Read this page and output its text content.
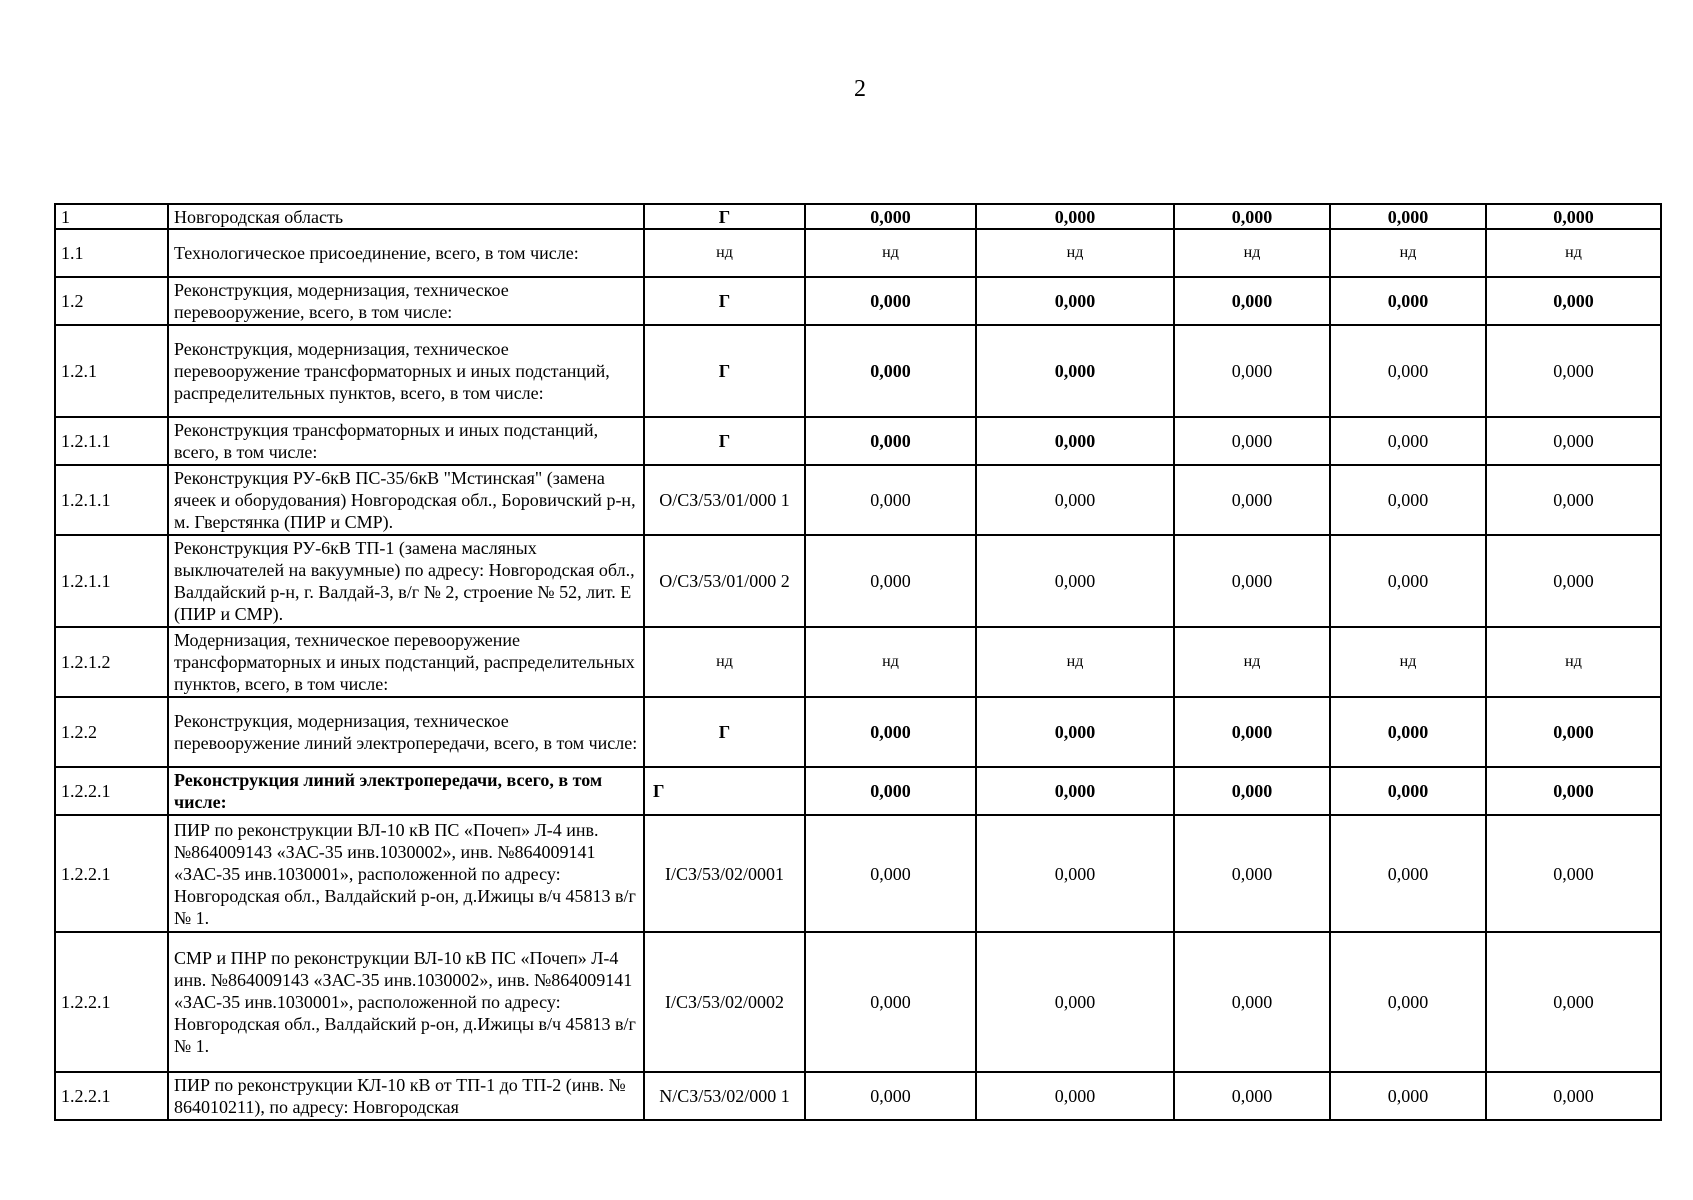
2
1	Новгородская область	Г	0,000	0,000	0,000	0,000	0,000
1.1	Технологическое присоединение, всего, в том числе:	нд	нд	нд	нд	нд	нд
1.2	Реконструкция, модернизация, техническое перевооружение, всего, в том числе:	Г	0,000	0,000	0,000	0,000	0,000
1.2.1	Реконструкция, модернизация, техническое перевооружение трансформаторных и иных подстанций, распределительных пунктов, всего, в том числе:	Г	0,000	0,000	0,000	0,000	0,000
1.2.1.1	Реконструкция трансформаторных и иных подстанций, всего, в том числе:	Г	0,000	0,000	0,000	0,000	0,000
1.2.1.1	Реконструкция РУ-6кВ ПС-35/6кВ "Мстинская" (замена ячеек и оборудования) Новгородская обл., Боровичский р-н, м. Гверстянка (ПИР и СМР).	О/СЗ/53/01/000 1	0,000	0,000	0,000	0,000	0,000
1.2.1.1	Реконструкция РУ-6кВ ТП-1 (замена масляных выключателей на вакуумные) по адресу: Новгородская обл., Валдайский р-н, г. Валдай-3, в/г № 2, строение № 52, лит. Е (ПИР и СМР).	О/СЗ/53/01/000 2	0,000	0,000	0,000	0,000	0,000
1.2.1.2	Модернизация, техническое перевооружение трансформаторных и иных подстанций, распределительных пунктов, всего, в том числе:	нд	нд	нд	нд	нд	нд
1.2.2	Реконструкция, модернизация, техническое перевооружение линий электропередачи, всего, в том числе:	Г	0,000	0,000	0,000	0,000	0,000
1.2.2.1	Реконструкция линий электропередачи, всего, в том числе:	Г	0,000	0,000	0,000	0,000	0,000
1.2.2.1	ПИР по реконструкции ВЛ-10 кВ ПС «Почеп» Л-4 инв. №864009143 «ЗАС-35 инв.1030002», инв. №864009141 «ЗАС-35 инв.1030001», расположенной по адресу: Новгородская обл., Валдайский р-он, д.Ижицы в/ч 45813 в/г № 1.	I/СЗ/53/02/0001	0,000	0,000	0,000	0,000	0,000
1.2.2.1	СМР и ПНР по реконструкции ВЛ-10 кВ ПС «Почеп» Л-4 инв. №864009143 «ЗАС-35 инв.1030002», инв. №864009141 «ЗАС-35 инв.1030001», расположенной по адресу: Новгородская обл., Валдайский р-он, д.Ижицы в/ч 45813 в/г № 1.	I/СЗ/53/02/0002	0,000	0,000	0,000	0,000	0,000
1.2.2.1	ПИР по реконструкции КЛ-10 кВ от ТП-1 до ТП-2 (инв. № 864010211), по адресу: Новгородская	N/СЗ/53/02/000 1	0,000	0,000	0,000	0,000	0,000
